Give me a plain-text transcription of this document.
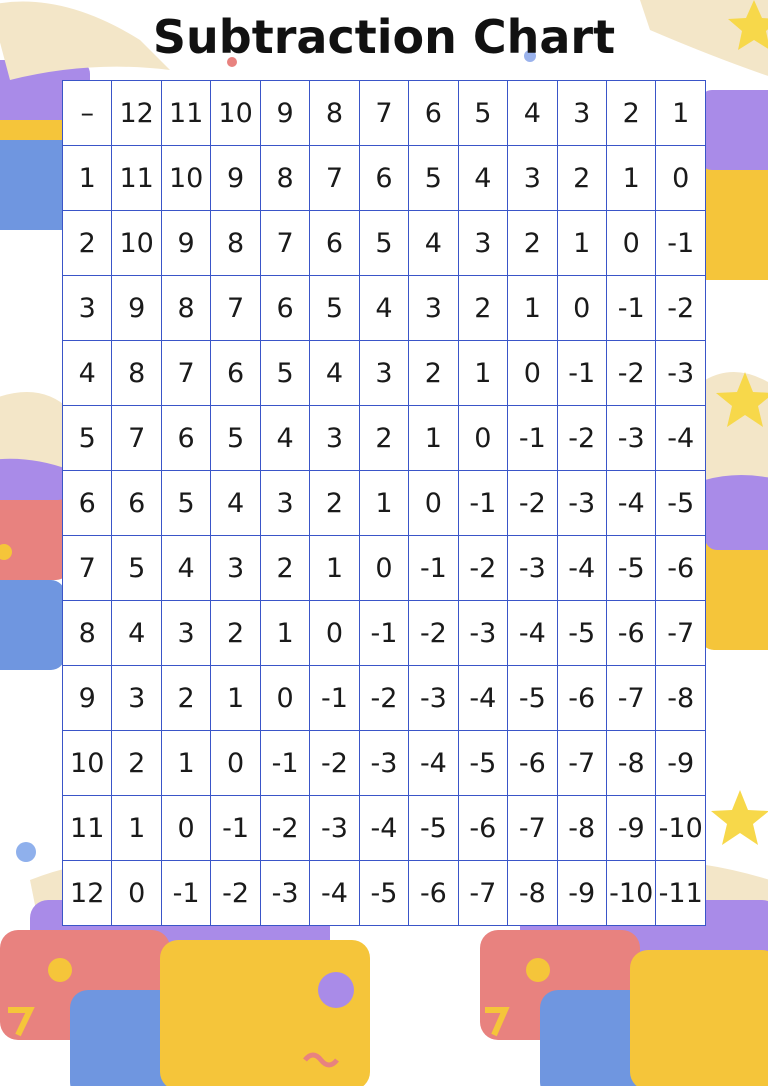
Subtraction Chart
–	12	11	10	9	8	7	6	5	4	3	2	1
1	11	10	9	8	7	6	5	4	3	2	1	0
2	10	9	8	7	6	5	4	3	2	1	0	-1
3	9	8	7	6	5	4	3	2	1	0	-1	-2
4	8	7	6	5	4	3	2	1	0	-1	-2	-3
5	7	6	5	4	3	2	1	0	-1	-2	-3	-4
6	6	5	4	3	2	1	0	-1	-2	-3	-4	-5
7	5	4	3	2	1	0	-1	-2	-3	-4	-5	-6
8	4	3	2	1	0	-1	-2	-3	-4	-5	-6	-7
9	3	2	1	0	-1	-2	-3	-4	-5	-6	-7	-8
10	2	1	0	-1	-2	-3	-4	-5	-6	-7	-8	-9
11	1	0	-1	-2	-3	-4	-5	-6	-7	-8	-9	-10
12	0	-1	-2	-3	-4	-5	-6	-7	-8	-9	-10	-11
